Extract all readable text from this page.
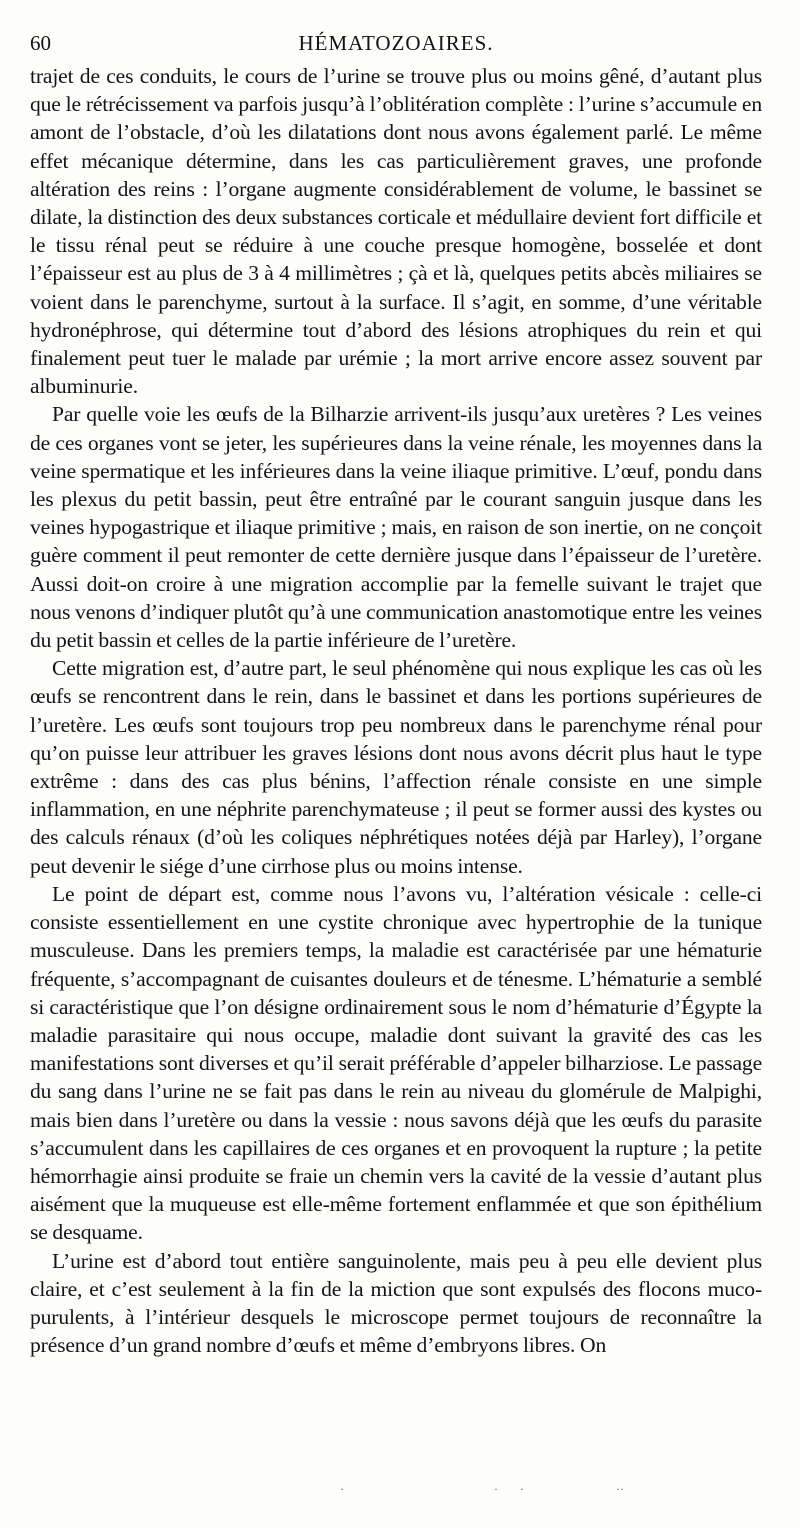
60	HÉMATOZOAIRES.

trajet de ces conduits, le cours de l’urine se trouve plus ou moins gêné, d’autant plus que le rétrécissement va parfois jusqu’à l’oblitération complète : l’urine s’accumule en amont de l’obstacle, d’où les dilatations dont nous avons également parlé. Le même effet mécanique détermine, dans les cas particulièrement graves, une profonde altération des reins : l’organe augmente considérablement de volume, le bassinet se dilate, la distinction des deux substances corticale et médullaire devient fort difficile et le tissu rénal peut se réduire à une couche presque homogène, bosselée et dont l’épaisseur est au plus de 3 à 4 millimètres ; çà et là, quelques petits abcès miliaires se voient dans le parenchyme, surtout à la surface. Il s’agit, en somme, d’une véritable hydronéphrose, qui détermine tout d’abord des lésions atrophiques du rein et qui finalement peut tuer le malade par urémie ; la mort arrive encore assez souvent par albuminurie.

Par quelle voie les œufs de la Bilharzie arrivent-ils jusqu’aux uretères ? Les veines de ces organes vont se jeter, les supérieures dans la veine rénale, les moyennes dans la veine spermatique et les inférieures dans la veine iliaque primitive. L’œuf, pondu dans les plexus du petit bassin, peut être entraîné par le courant sanguin jusque dans les veines hypogastrique et iliaque primitive ; mais, en raison de son inertie, on ne conçoit guère comment il peut remonter de cette dernière jusque dans l’épaisseur de l’uretère. Aussi doit-on croire à une migration accomplie par la femelle suivant le trajet que nous venons d’indiquer plutôt qu’à une communication anastomotique entre les veines du petit bassin et celles de la partie inférieure de l’uretère.

Cette migration est, d’autre part, le seul phénomène qui nous explique les cas où les œufs se rencontrent dans le rein, dans le bassinet et dans les portions supérieures de l’uretère. Les œufs sont toujours trop peu nombreux dans le parenchyme rénal pour qu’on puisse leur attribuer les graves lésions dont nous avons décrit plus haut le type extrême : dans des cas plus bénins, l’affection rénale consiste en une simple inflammation, en une néphrite parenchymateuse ; il peut se former aussi des kystes ou des calculs rénaux (d’où les coliques néphrétiques notées déjà par Harley), l’organe peut devenir le siége d’une cirrhose plus ou moins intense.

Le point de départ est, comme nous l’avons vu, l’altération vésicale : celle-ci consiste essentiellement en une cystite chronique avec hypertrophie de la tunique musculeuse. Dans les premiers temps, la maladie est caractérisée par une hématurie fréquente, s’accompagnant de cuisantes douleurs et de ténesme. L’hématurie a semblé si caractéristique que l’on désigne ordinairement sous le nom d’hématurie d’Égypte la maladie parasitaire qui nous occupe, maladie dont suivant la gravité des cas les manifestations sont diverses et qu’il serait préférable d’appeler bilharziose. Le passage du sang dans l’urine ne se fait pas dans le rein au niveau du glomérule de Malpighi, mais bien dans l’uretère ou dans la vessie : nous savons déjà que les œufs du parasite s’accumulent dans les capillaires de ces organes et en provoquent la rupture ; la petite hémorrhagie ainsi produite se fraie un chemin vers la cavité de la vessie d’autant plus aisément que la muqueuse est elle-même fortement enflammée et que son épithélium se desquame.

L’urine est d’abord tout entière sanguinolente, mais peu à peu elle devient plus claire, et c’est seulement à la fin de la miction que sont expulsés des flocons muco-purulents, à l’intérieur desquels le microscope permet toujours de reconnaître la présence d’un grand nombre d’œufs et même d’embryons libres. On

·	· ·	··
